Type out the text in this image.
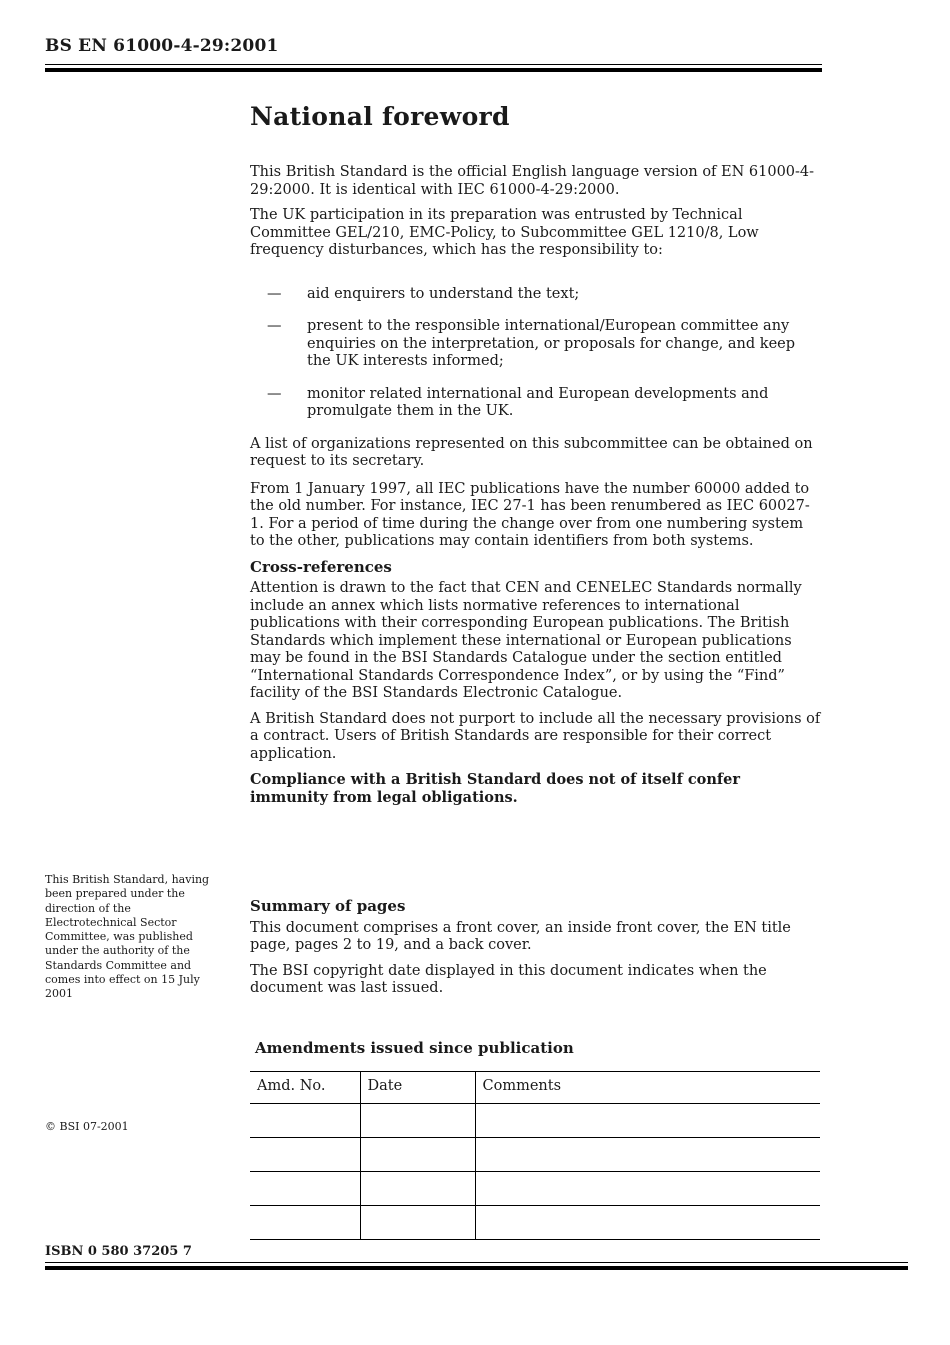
BS EN 61000-4-29:2001
National foreword

This British Standard is the official English language version of EN 61000-4-29:2000. It is identical with IEC 61000-4-29:2000.

The UK participation in its preparation was entrusted by Technical Committee GEL/210, EMC-Policy, to Subcommittee GEL 1210/8, Low frequency disturbances, which has the responsibility to:

—	aid enquirers to understand the text;
—	present to the responsible international/European committee any enquiries on the interpretation, or proposals for change, and keep the UK interests informed;
—	monitor related international and European developments and promulgate them in the UK.

A list of organizations represented on this subcommittee can be obtained on request to its secretary.

From 1 January 1997, all IEC publications have the number 60000 added to the old number. For instance, IEC 27-1 has been renumbered as IEC 60027-1. For a period of time during the change over from one numbering system to the other, publications may contain identifiers from both systems.

Cross-references

Attention is drawn to the fact that CEN and CENELEC Standards normally include an annex which lists normative references to international publications with their corresponding European publications. The British Standards which implement these international or European publications may be found in the BSI Standards Catalogue under the section entitled “International Standards Correspondence Index”, or by using the “Find” facility of the BSI Standards Electronic Catalogue.

A British Standard does not purport to include all the necessary provisions of a contract. Users of British Standards are responsible for their correct application.

Compliance with a British Standard does not of itself confer immunity from legal obligations.

Summary of pages

This document comprises a front cover, an inside front cover, the EN title page, pages 2 to 19, and a back cover.

The BSI copyright date displayed in this document indicates when the document was last issued.

Amendments issued since publication
Amd. No.	Date	Comments

This British Standard, having been prepared under the direction of the Electrotechnical Sector Committee, was published under the authority of the Standards Committee and comes into effect on 15 July 2001
© BSI 07-2001
ISBN 0 580 37205 7
